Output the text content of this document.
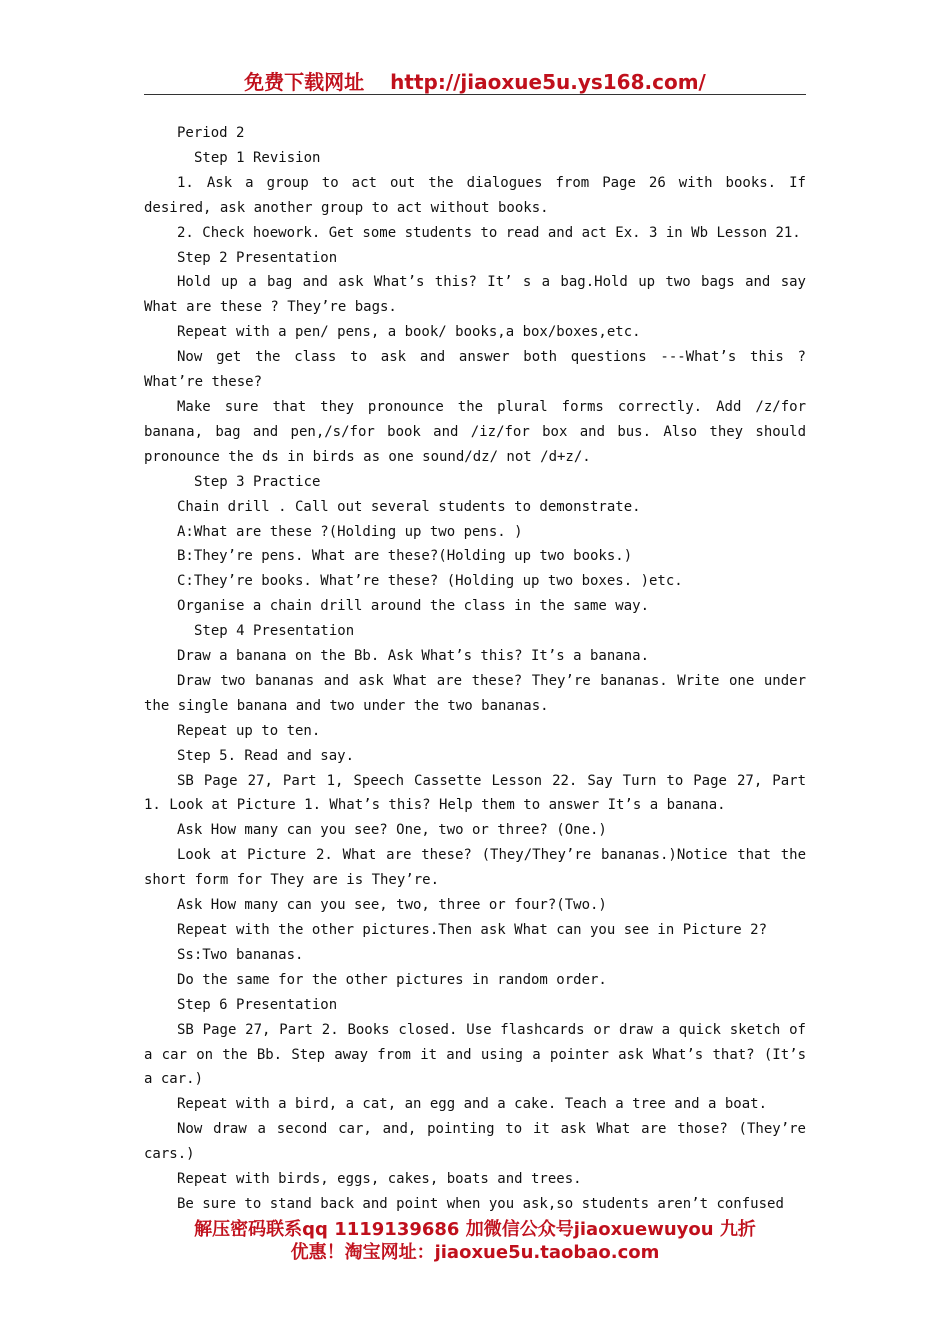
免费下载网址 http://jiaoxue5u.ys168.com/

Period 2

Step 1 Revision

1. Ask a group to act out the dialogues from Page 26 with books. If desired, ask another group to act without books.

2. Check hoework. Get some students to read and act Ex. 3 in Wb Lesson 21.

Step 2 Presentation

Hold up a bag and ask What’s this? It’ s a bag.Hold up two bags and say What are these ? They’re bags.

Repeat with a pen/ pens, a book/ books,a box/boxes,etc.

Now get the class to ask and answer both questions ---What’s this ? What’re these?

Make sure that they pronounce the plural forms correctly. Add /z/for banana, bag and pen,/s/for book and /iz/for box and bus. Also they should pronounce the ds in birds as one sound/dz/ not /d+z/.

Step 3 Practice

Chain drill . Call out several students to demonstrate.

A:What are these ?(Holding up two pens. )

B:They’re pens. What are these?(Holding up two books.)

C:They’re books. What’re these? (Holding up two boxes. )etc.

Organise a chain drill around the class in the same way.

Step 4 Presentation

Draw a banana on the Bb. Ask What’s this? It’s a banana.

Draw two bananas and ask What are these? They’re bananas. Write one under the single banana and two under the two bananas.

Repeat up to ten.

Step 5. Read and say.

SB Page 27, Part 1, Speech Cassette Lesson 22. Say Turn to Page 27, Part 1. Look at Picture 1. What’s this? Help them to answer It’s a banana.

Ask How many can you see? One, two or three? (One.)

Look at Picture 2. What are these? (They/They’re bananas.)Notice that the short form for They are is They’re.

Ask How many can you see, two, three or four?(Two.)

Repeat with the other pictures.Then ask What can you see in Picture 2?

Ss:Two bananas.

Do the same for the other pictures in random order.

Step 6 Presentation

SB Page 27, Part 2. Books closed. Use flashcards or draw a quick sketch of a car on the Bb. Step away from it and using a pointer ask What’s that? (It’s a car.)

Repeat with a bird, a cat, an egg and a cake. Teach a tree and a boat.

Now draw a second car, and, pointing to it ask What are those? (They’re cars.)

Repeat with birds, eggs, cakes, boats and trees.

Be sure to stand back and point when you ask,so students aren’t confused

解压密码联系qq 1119139686 加微信公众号jiaoxuewuyou 九折
优惠！淘宝网址：jiaoxue5u.taobao.com
